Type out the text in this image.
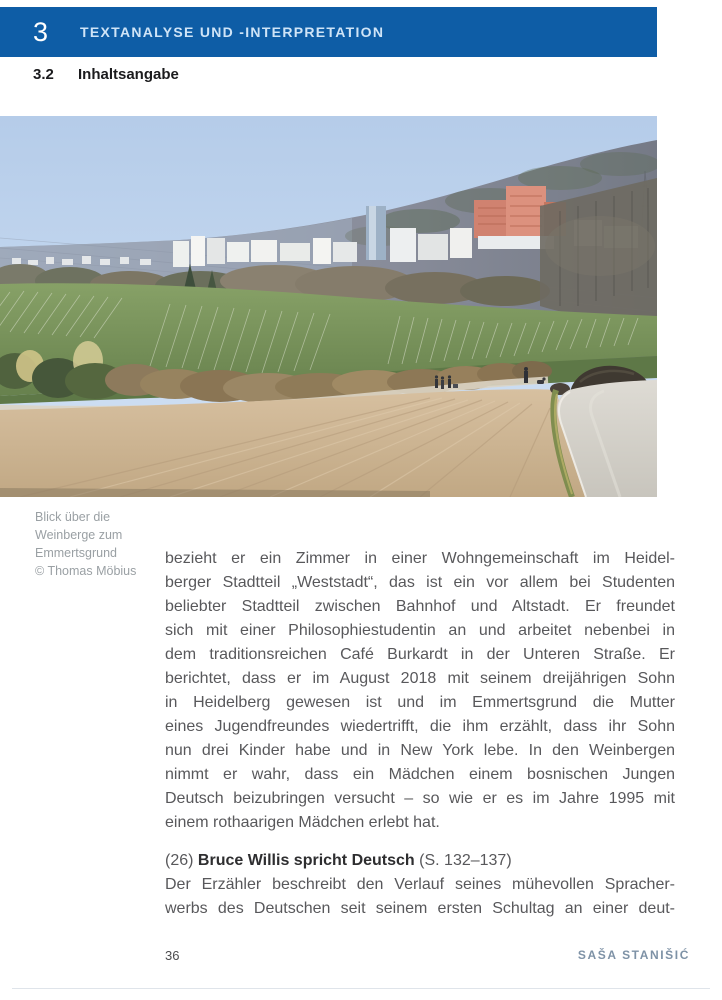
3	TEXTANALYSE UND -INTERPRETATION
3.2 Inhaltsangabe
Blick über die
Weinberge zum
Emmertsgrund
© Thomas Möbius
bezieht er ein Zimmer in einer Wohngemeinschaft im Heidel-
berger Stadtteil „Weststadt“, das ist ein vor allem bei Studenten
beliebter Stadtteil zwischen Bahnhof und Altstadt. Er freundet
sich mit einer Philosophiestudentin an und arbeitet nebenbei in
dem traditionsreichen Café Burkardt in der Unteren Straße. Er
berichtet, dass er im August 2018 mit seinem dreijährigen Sohn
in Heidelberg gewesen ist und im Emmertsgrund die Mutter
eines Jugendfreundes wiedertrifft, die ihm erzählt, dass ihr Sohn
nun drei Kinder habe und in New York lebe. In den Weinbergen
nimmt er wahr, dass ein Mädchen einem bosnischen Jungen
Deutsch beizubringen versucht – so wie er es im Jahre 1995 mit
einem rothaarigen Mädchen erlebt hat.
(26) Bruce Willis spricht Deutsch (S. 132–137)
Der Erzähler beschreibt den Verlauf seines mühevollen Spracher-
werbs des Deutschen seit seinem ersten Schultag an einer deut-
36	SAŠA STANIŠIĆ
